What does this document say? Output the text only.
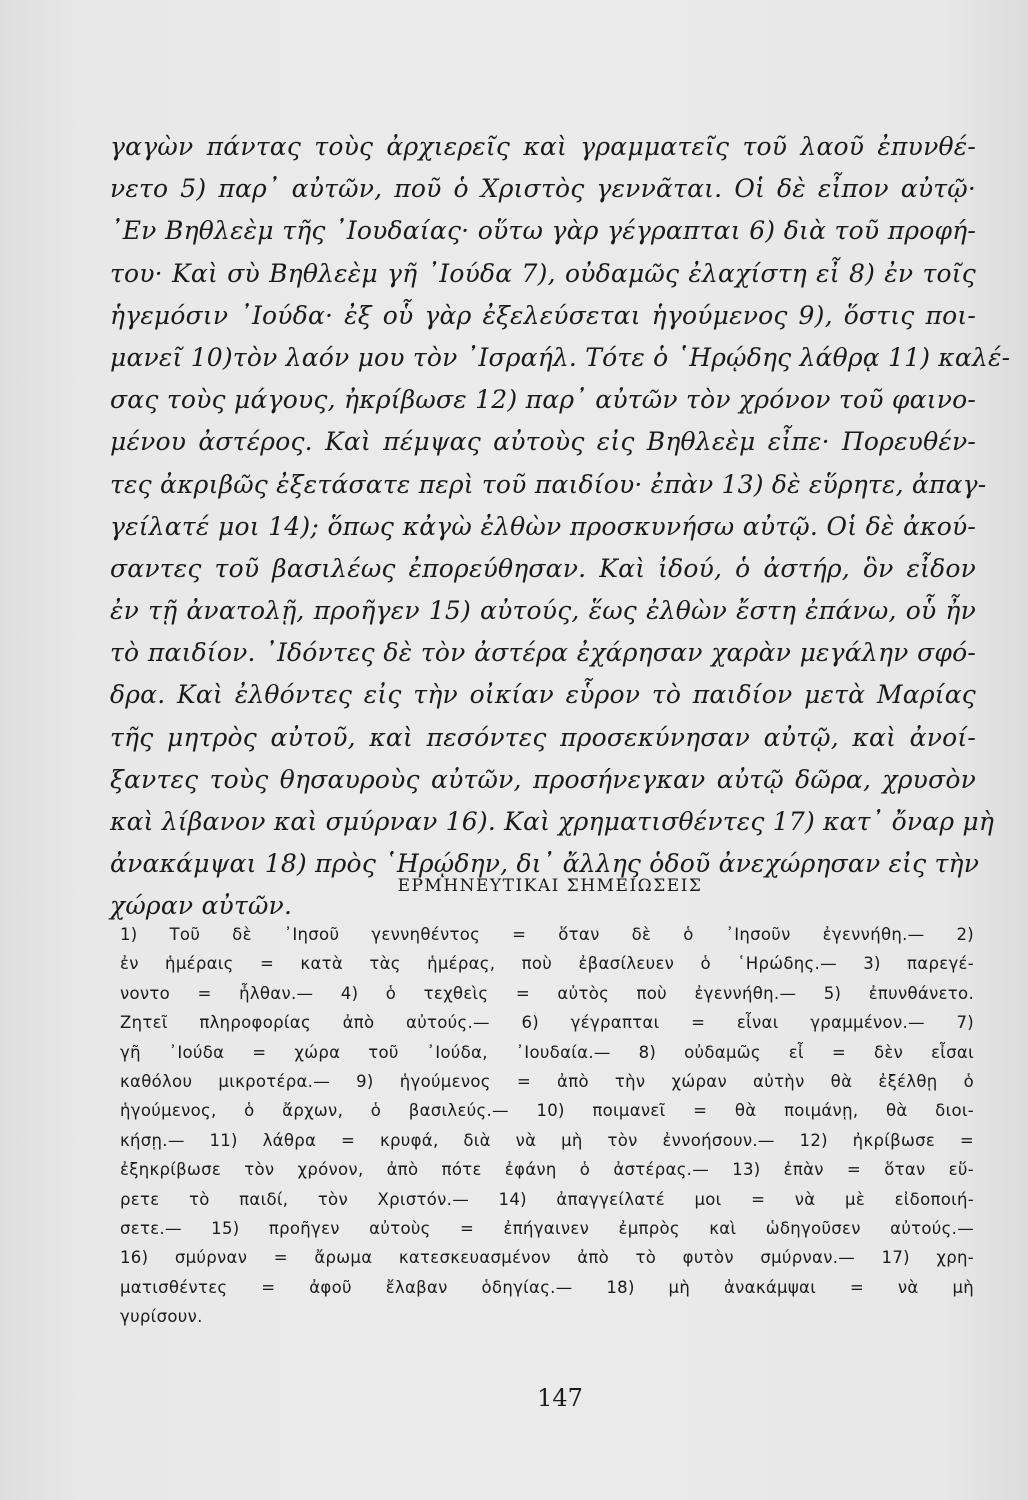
γαγὼν πάντας τοὺς ἀρχιερεῖς καὶ γραμματεῖς τοῦ λαοῦ ἐπυνθέ-
νετο 5) παρ᾽ αὐτῶν, ποῦ ὁ Χριστὸς γεννᾶται. Οἱ δὲ εἶπον αὐτῷ·
᾽Εν Βηθλεὲμ τῆς ᾽Ιουδαίας· οὕτω γὰρ γέγραπται 6) διὰ τοῦ προφή-
του· Καὶ σὺ Βηθλεὲμ γῆ ᾽Ιούδα 7), οὐδαμῶς ἐλαχίστη εἶ 8) ἐν τοῖς
ἡγεμόσιν ᾽Ιούδα· ἐξ οὗ γὰρ ἐξελεύσεται ἡγούμενος 9), ὅστις ποι-
μανεῖ 10)τὸν λαόν μου τὸν ᾽Ισραήλ. Τότε ὁ ῾Ηρῴδης λάθρᾳ 11) καλέ-
σας τοὺς μάγους, ἠκρίβωσε 12) παρ᾽ αὐτῶν τὸν χρόνον τοῦ φαινο-
μένου ἀστέρος. Καὶ πέμψας αὐτοὺς εἰς Βηθλεὲμ εἶπε· Πορευθέν-
τες ἀκριβῶς ἐξετάσατε περὶ τοῦ παιδίου· ἐπὰν 13) δὲ εὕρητε, ἀπαγ-
γείλατέ μοι 14); ὅπως κἀγὼ ἐλθὼν προσκυνήσω αὐτῷ. Οἱ δὲ ἀκού-
σαντες τοῦ βασιλέως ἐπορεύθησαν. Καὶ ἰδού, ὁ ἀστήρ, ὃν εἶδον
ἐν τῇ ἀνατολῇ, προῆγεν 15) αὐτούς, ἕως ἐλθὼν ἔστη ἐπάνω, οὗ ἦν
τὸ παιδίον. ᾽Ιδόντες δὲ τὸν ἀστέρα ἐχάρησαν χαρὰν μεγάλην σφό-
δρα. Καὶ ἐλθόντες εἰς τὴν οἰκίαν εὗρον τὸ παιδίον μετὰ Μαρίας
τῆς μητρὸς αὐτοῦ, καὶ πεσόντες προσεκύνησαν αὐτῷ, καὶ ἀνοί-
ξαντες τοὺς θησαυροὺς αὐτῶν, προσήνεγκαν αὐτῷ δῶρα, χρυσὸν
καὶ λίβανον καὶ σμύρναν 16). Καὶ χρηματισθέντες 17) κατ᾽ ὄναρ μὴ
ἀνακάμψαι 18) πρὸς ῾Ηρῴδην, δι᾽ ἄλλης ὁδοῦ ἀνεχώρησαν εἰς τὴν
χώραν αὐτῶν.
ΕΡΜΗΝΕΥΤΙΚΑΙ ΣΗΜΕΙΩΣΕΙΣ
1) Τοῦ δὲ ᾽Ιησοῦ γεννηθέντος = ὅταν δὲ ὁ ᾽Ιησοῦν ἐγεννήθη.— 2)
ἐν ἡμέραις = κατὰ τὰς ἡμέρας, ποὺ ἐβασίλευεν ὁ ῾Ηρώδης.— 3) παρεγέ-
νοντο = ἦλθαν.— 4) ὁ τεχθεὶς = αὐτὸς ποὺ ἐγεννήθη.— 5) ἐπυνθάνετο.
Ζητεῖ πληροφορίας ἀπὸ αὐτούς.— 6) γέγραπται = εἶναι γραμμένον.— 7)
γῆ ᾽Ιούδα = χώρα τοῦ ᾽Ιούδα, ᾽Ιουδαία.— 8) οὐδαμῶς εἶ = δὲν εἶσαι
καθόλου μικροτέρα.— 9) ἡγούμενος = ἀπὸ τὴν χώραν αὐτὴν θὰ ἐξέλθῃ ὁ
ἡγούμενος, ὁ ἄρχων, ὁ βασιλεύς.— 10) ποιμανεῖ = θὰ ποιμάνῃ, θὰ διοι-
κήσῃ.— 11) λάθρα = κρυφά, διὰ νὰ μὴ τὸν ἐννοήσουν.— 12) ἠκρίβωσε =
ἐξηκρίβωσε τὸν χρόνον, ἀπὸ πότε ἐφάνη ὁ ἀστέρας.— 13) ἐπὰν = ὅταν εὕ-
ρετε τὸ παιδί, τὸν Χριστόν.— 14) ἀπαγγείλατέ μοι = νὰ μὲ εἰδοποιή-
σετε.— 15) προῆγεν αὐτοὺς = ἐπήγαινεν ἐμπρὸς καὶ ὡδηγοῦσεν αὐτούς.—
16) σμύρναν = ἄρωμα κατεσκευασμένον ἀπὸ τὸ φυτὸν σμύρναν.— 17) χρη-
ματισθέντες = ἀφοῦ ἔλαβαν ὁδηγίας.— 18) μὴ ἀνακάμψαι = νὰ μὴ
γυρίσουν.
147
